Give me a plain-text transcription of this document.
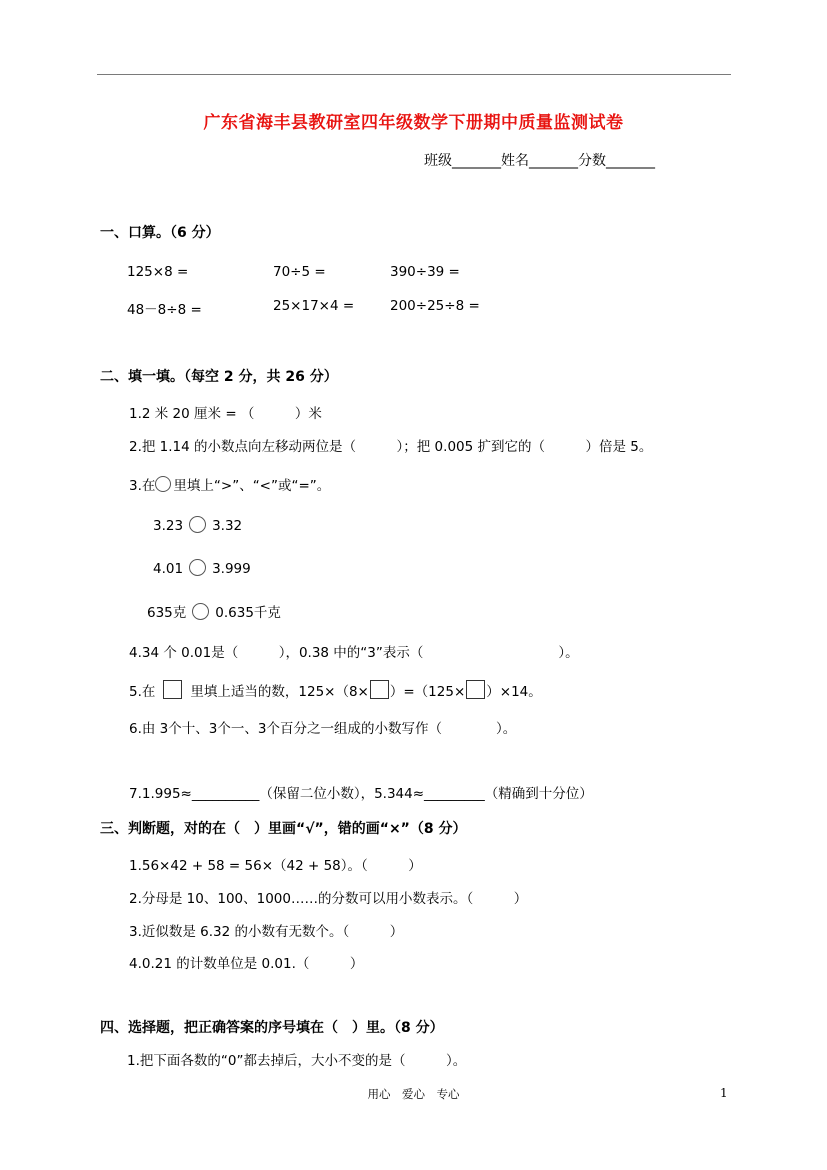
广东省海丰县教研室四年级数学下册期中质量监测试卷
班级_______姓名_______分数_______
一、口算。（6 分）
125×8 =	70÷5 =	390÷39 =
48－8÷8 =	25×17×4 =	200÷25÷8 =
二、填一填。（每空 2 分，共 26 分）
1.2 米 20 厘米 = （　　　）米
2.把 1.14 的小数点向左移动两位是（　　　）；把 0.005 扩到它的（　　　）倍是 5。
3.在 里填上“>”、“<”或“=”。
3.23 3.32
4.01 3.999
635克 0.635千克
4.34 个 0.01是（　　　），0.38 中的“3”表示（　　　　　　　　　　）。
5.在	里填上适当的数，125×（8× ）=（125× ）×14。
6.由 3个十、3个一、3个百分之一组成的小数写作（　　　　）。
7.1.995≈__________（保留二位小数），5.344≈_________（精确到十分位）
三、判断题，对的在（　）里画“√”，错的画“×”（8 分）
1.56×42 + 58 = 56×（42 + 58）。（　　　）
2.分母是 10、100、1000……的分数可以用小数表示。（　　　）
3.近似数是 6.32 的小数有无数个。（　　　）
4.0.21 的计数单位是 0.01.（　　　）
四、选择题，把正确答案的序号填在（　）里。（8 分）
1.把下面各数的“0”都去掉后，大小不变的是（　　　）。
用心　爱心　专心	1
